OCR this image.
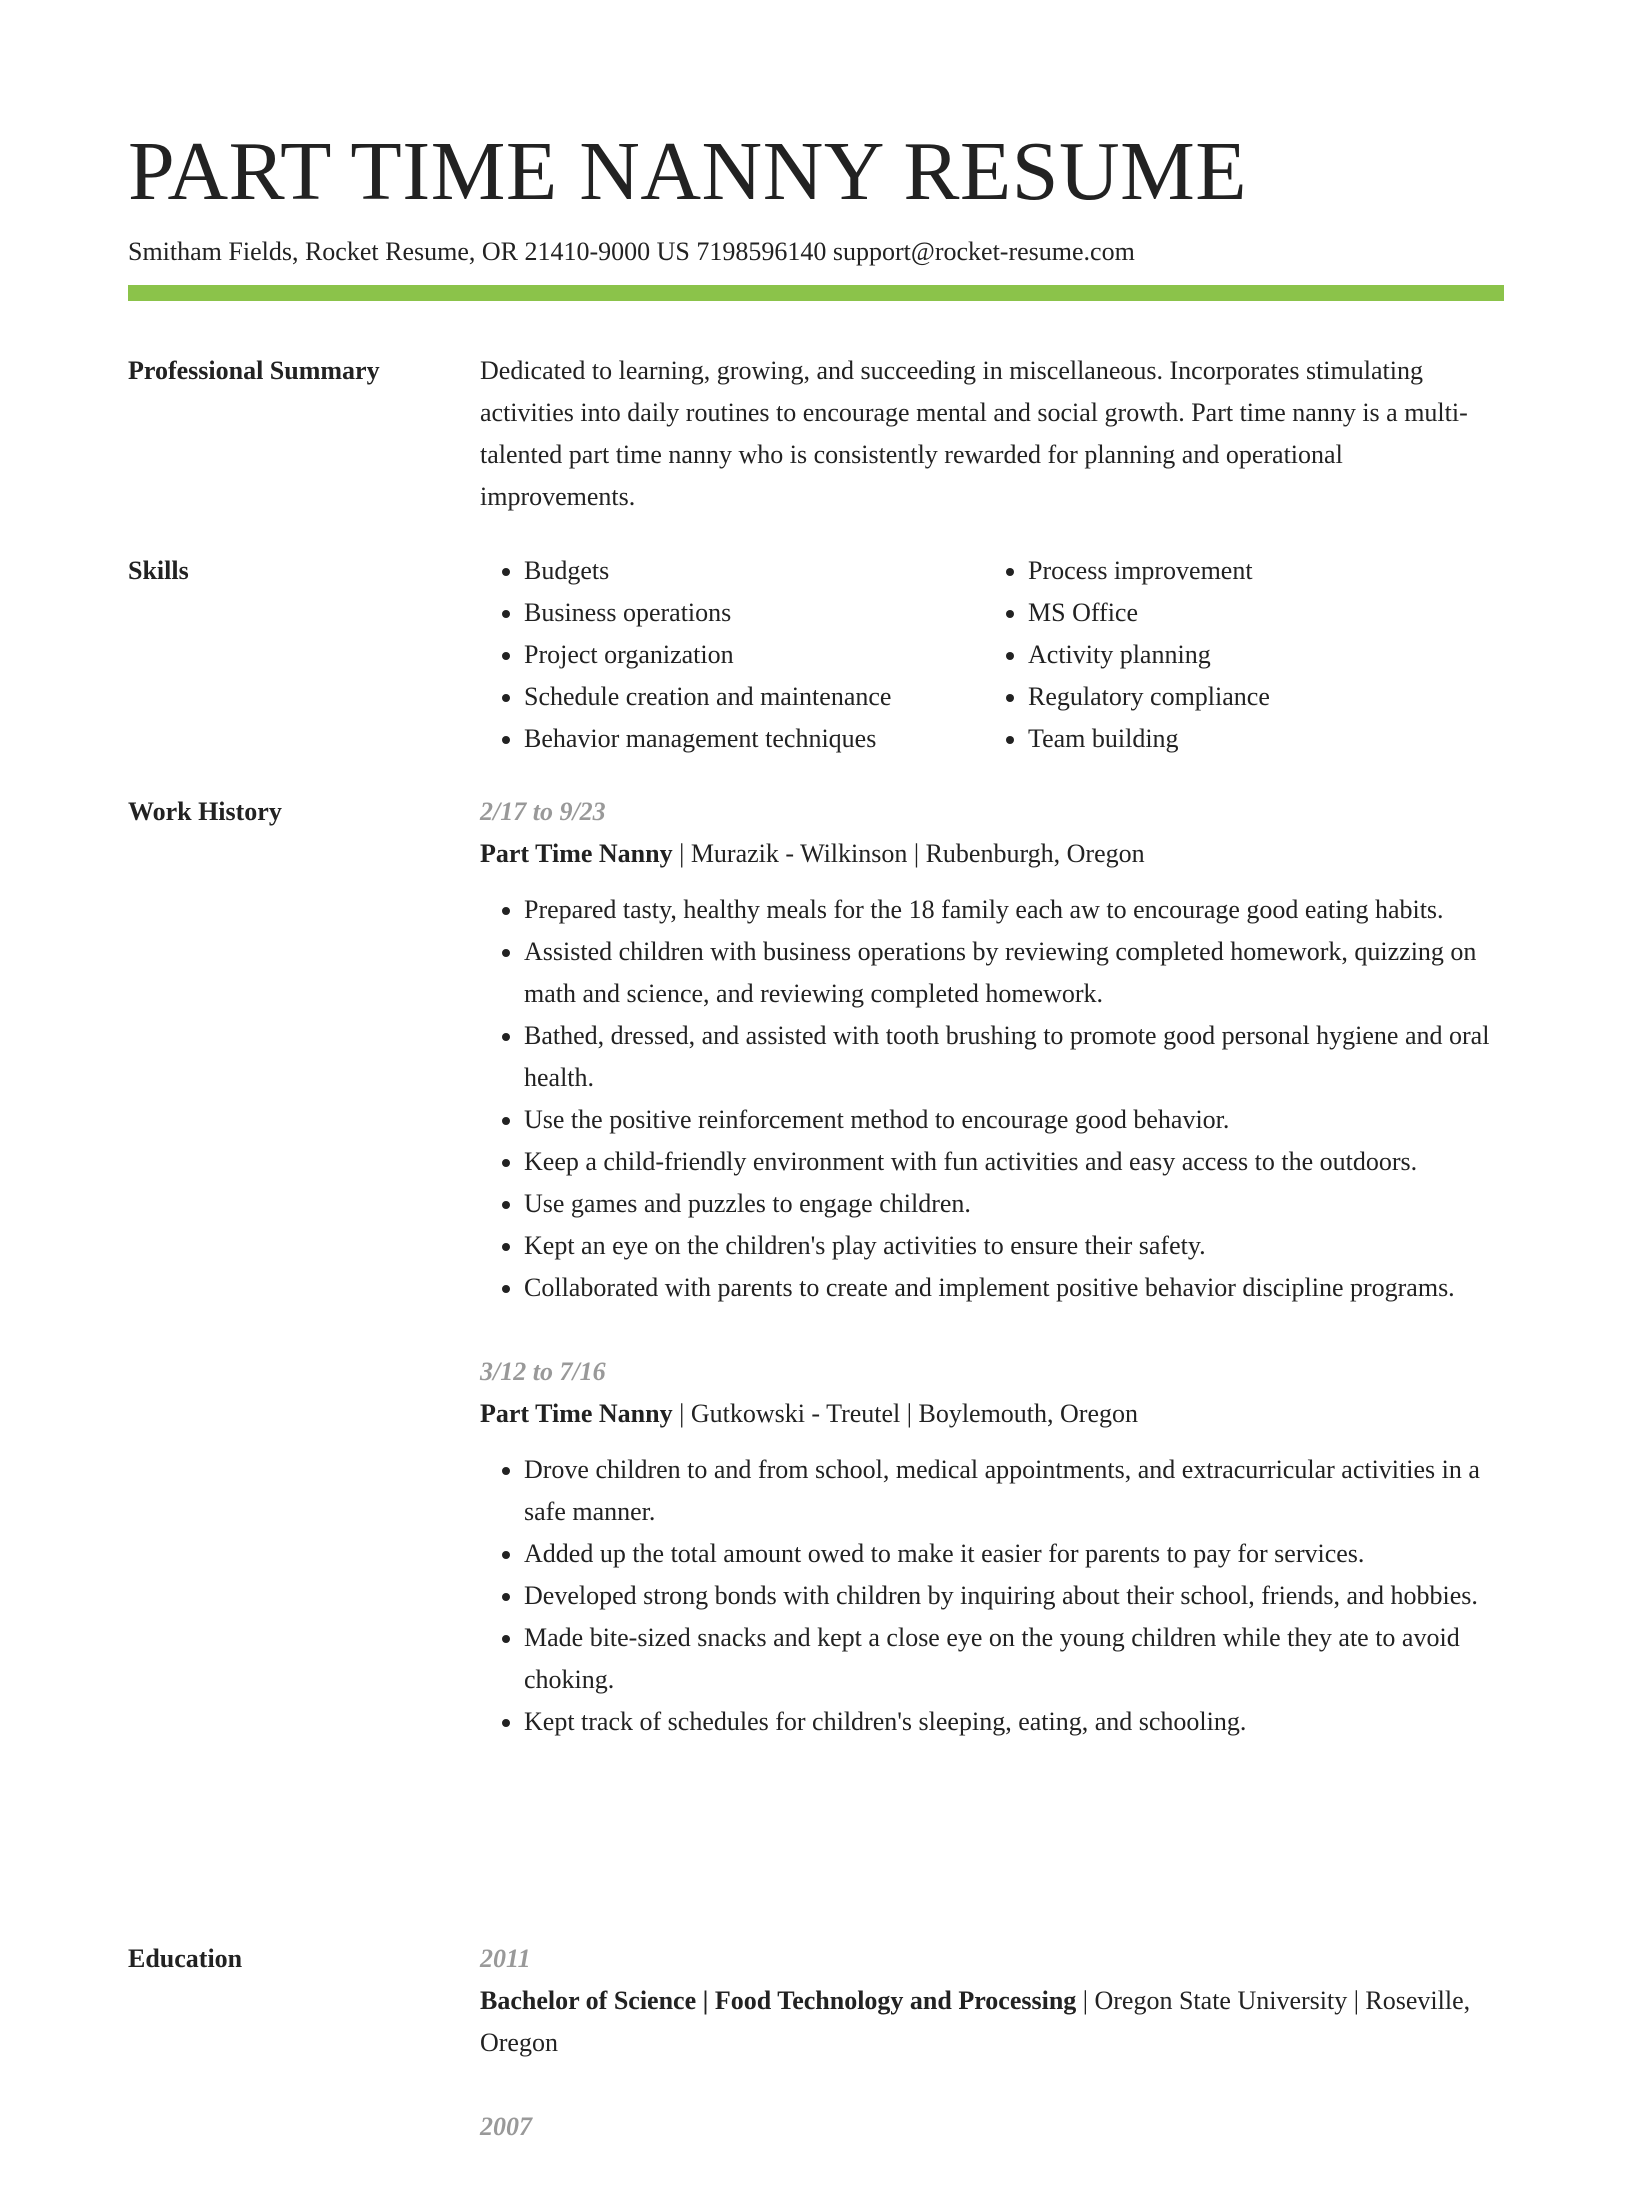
PART TIME NANNY RESUME
Smitham Fields, Rocket Resume, OR 21410-9000 US 7198596140 support@rocket-resume.com
Professional Summary	Dedicated to learning, growing, and succeeding in miscellaneous. Incorporates stimulating activities into daily routines to encourage mental and social growth. Part time nanny is a multi-talented part time nanny who is consistently rewarded for planning and operational improvements.

Skills
•	Budgets
• Business operations
• Project organization
• Schedule creation and maintenance
• Behavior management techniques
• Process improvement
• MS Office
• Activity planning
• Regulatory compliance
• Team building
Work History	2/17 to 9/23

Part Time Nanny | Murazik - Wilkinson | Rubenburgh, Oregon

• Prepared tasty, healthy meals for the 18 family each aw to encourage good eating habits.
• Assisted children with business operations by reviewing completed homework, quizzing on math and science, and reviewing completed homework.
• Bathed, dressed, and assisted with tooth brushing to promote good personal hygiene and oral health.
• Use the positive reinforcement method to encourage good behavior.
• Keep a child-friendly environment with fun activities and easy access to the outdoors.
• Use games and puzzles to engage children.
• Kept an eye on the children's play activities to ensure their safety.
• Collaborated with parents to create and implement positive behavior discipline programs.
3/12 to 7/16

Part Time Nanny | Gutkowski - Treutel | Boylemouth, Oregon

• Drove children to and from school, medical appointments, and extracurricular activities in a safe manner.
• Added up the total amount owed to make it easier for parents to pay for services.
• Developed strong bonds with children by inquiring about their school, friends, and hobbies.
• Made bite-sized snacks and kept a close eye on the young children while they ate to avoid choking.
• Kept track of schedules for children's sleeping, eating, and schooling.
Education	2011

Bachelor of Science | Food Technology and Processing | Oregon State University | Roseville, Oregon

2007
